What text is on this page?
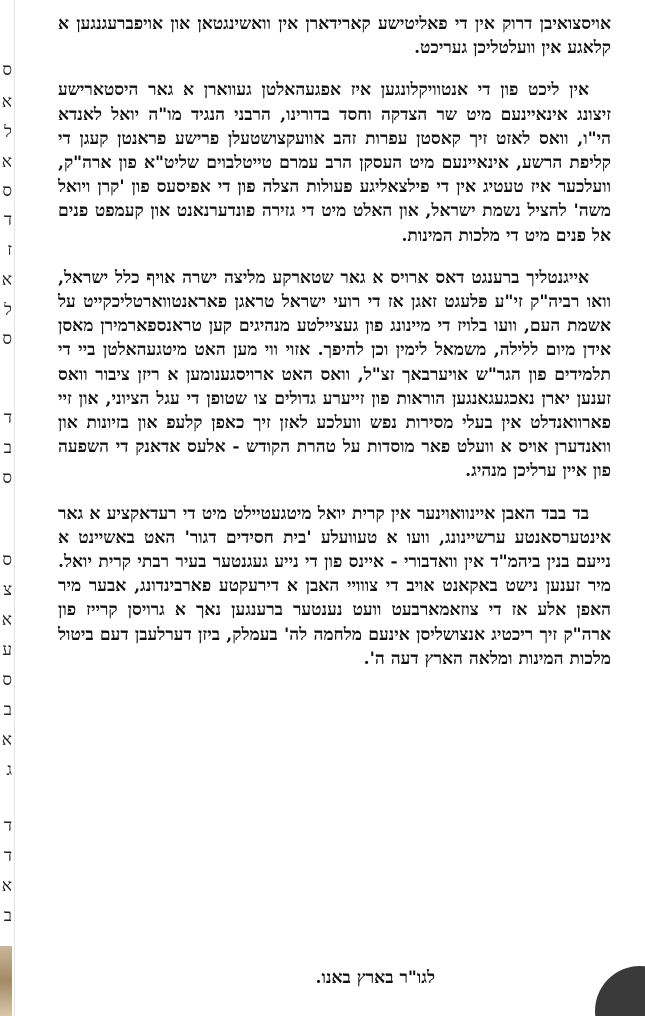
ס
א
ל
א
ס
ד
ז
א
ל
ס
ד
ב
ס
ס
צ
א
ע
ס
ב
א
ג
ד
ד
א
ב

אויסצואיבן דרוק אין די פאליטישע קארידארן אין וואשינגטאן און אויפברעגנגען א קלאגע אין וועלטליכן געריכט.

אין ליכט פון די אנטוויקלונגען איז אפגעהאלטן געווארן א גאר היסטארישע זיצונג אינאיינעם מיט שר הצדקה וחסד בדורינו, הרבני הנגיד מו"ה יואל לאנדא הי"ו, וואס לאזט זיך קאסטן עפרות זהב אוועקצושטעלן פרישע פראנטן קעגן די קליפת הרשע, אינאיינעם מיט העסקן הרב עמרם טייטלבוים שליט"א פון ארה"ק, וועלכער איז טעטיג אין די פילצאליגע פעולות הצלה פון די אפיסעס פון 'קרן ויואל משה' להציל נשמת ישראל, און האלט מיט די גזירה פונדערנאנט און קעמפט פנים אל פנים מיט די מלכות המינות.

אייגנטליך ברענגט דאס ארויס א גאר שטארקע מליצה ישרה אויף כלל ישראל, וואו רביה"ק זי"ע פלעגט זאגן אז די רועי ישראל טראגן פאראנטווארטליכקייט על אשמת העם, וועו בלויז די מיינונג פון געציילטע מנהיגים קען טראנספארמירן מאסן אידן מיום ללילה, משמאל לימין וכן להיפך. אזוי ווי מען האט מיטגעהאלטן ביי די תלמידים פון הגר"ש אויערבאך זצ"ל, וואס האט ארויסגענומען א ריזן ציבור וואס זענען יארן נאכגעגאנגען הוראות פון זייערע גדולים צו שטופן די עגל הציוני, און זיי פארוואנדלט אין בעלי מסירות נפש וועלכע לאזן זיך כאפן קלעפ און בזיונות און וואנדערן אויס א וועלט פאר מוסדות על טהרת הקודש - אלעס אדאנק די השפעה פון איין ערליכן מנהיג.

בד בבד האבן איינוואוינער אין קרית יואל מיטגעטיילט מיט די רעדאקציע א גאר אינטערסאנטע ערשיינונג, וועו א טעוועלע 'בית חסידים דגור' האט באשיינט א נייעם בנין ביהמ"ד אין וואדבורי - איינס פון די נייע געגנטער בעיר רבתי קרית יואל. מיר זענען נישט באקאנט אויב די צווויי האבן א דירעקטע פארבינדונג, אבער מיר האפן אלע אז די צוזאמארבעט וועט נענטער ברענגען נאך א גרויסן קרייז פון ארה"ק זיך ריכטיג אנצושליסן אינעם מלחמה לה' בעמלק, ביזן דערלעבן דעם ביטול מלכות המינות ומלאה הארץ דעה ה'.

לגו"ר בארץ באנו.
